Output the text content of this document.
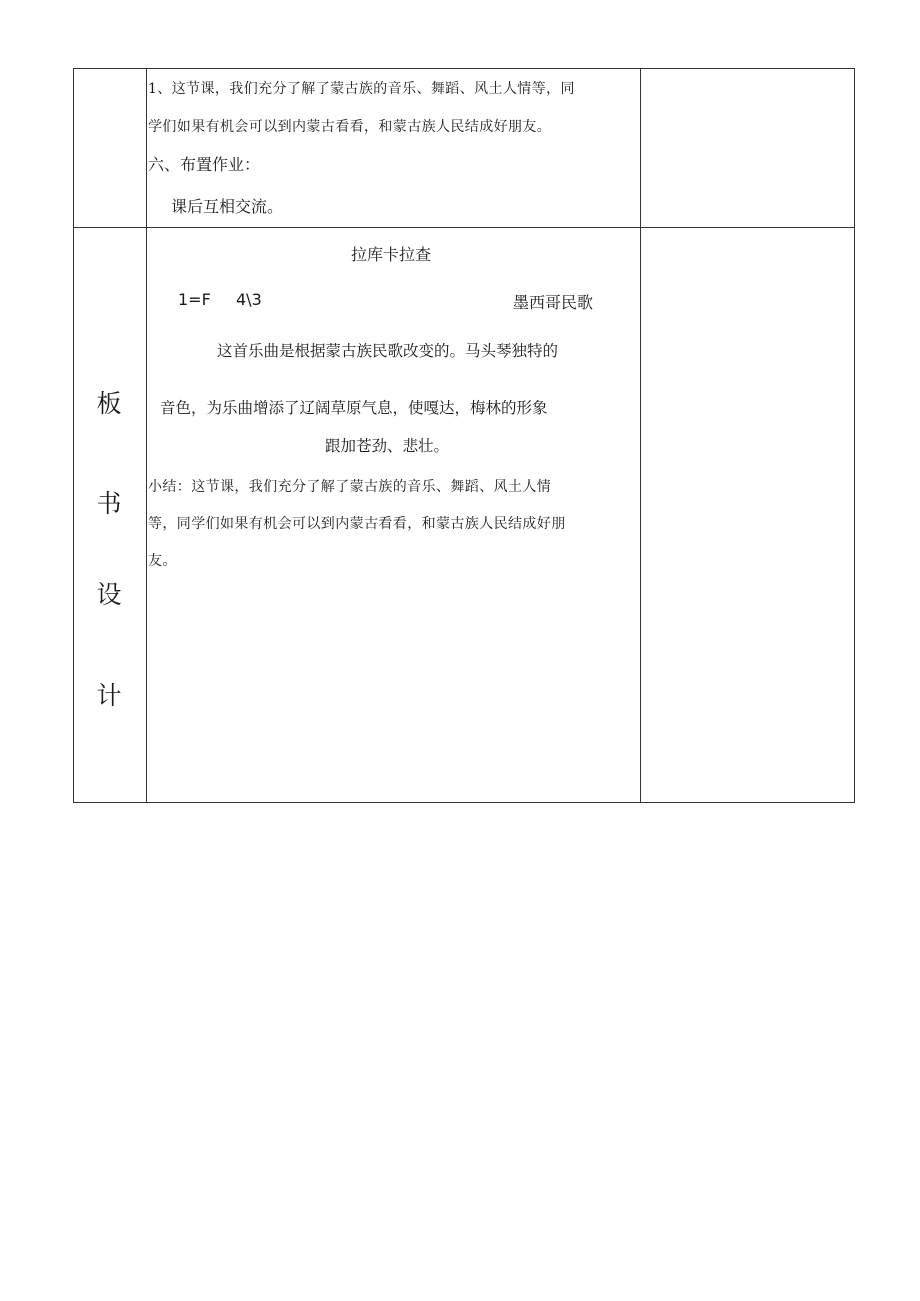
1、这节课，我们充分了解了蒙古族的音乐、舞蹈、风土人情等，同
学们如果有机会可以到内蒙古看看，和蒙古族人民结成好朋友。
六、布置作业：
课后互相交流。
板
书
设
计
拉库卡拉查
1=F 4\3	墨西哥民歌
这首乐曲是根据蒙古族民歌改变的。马头琴独特的
音色，为乐曲增添了辽阔草原气息，使嘎达，梅林的形象
跟加苍劲、悲壮。
小结：这节课，我们充分了解了蒙古族的音乐、舞蹈、风土人情
等，同学们如果有机会可以到内蒙古看看，和蒙古族人民结成好朋
友。
